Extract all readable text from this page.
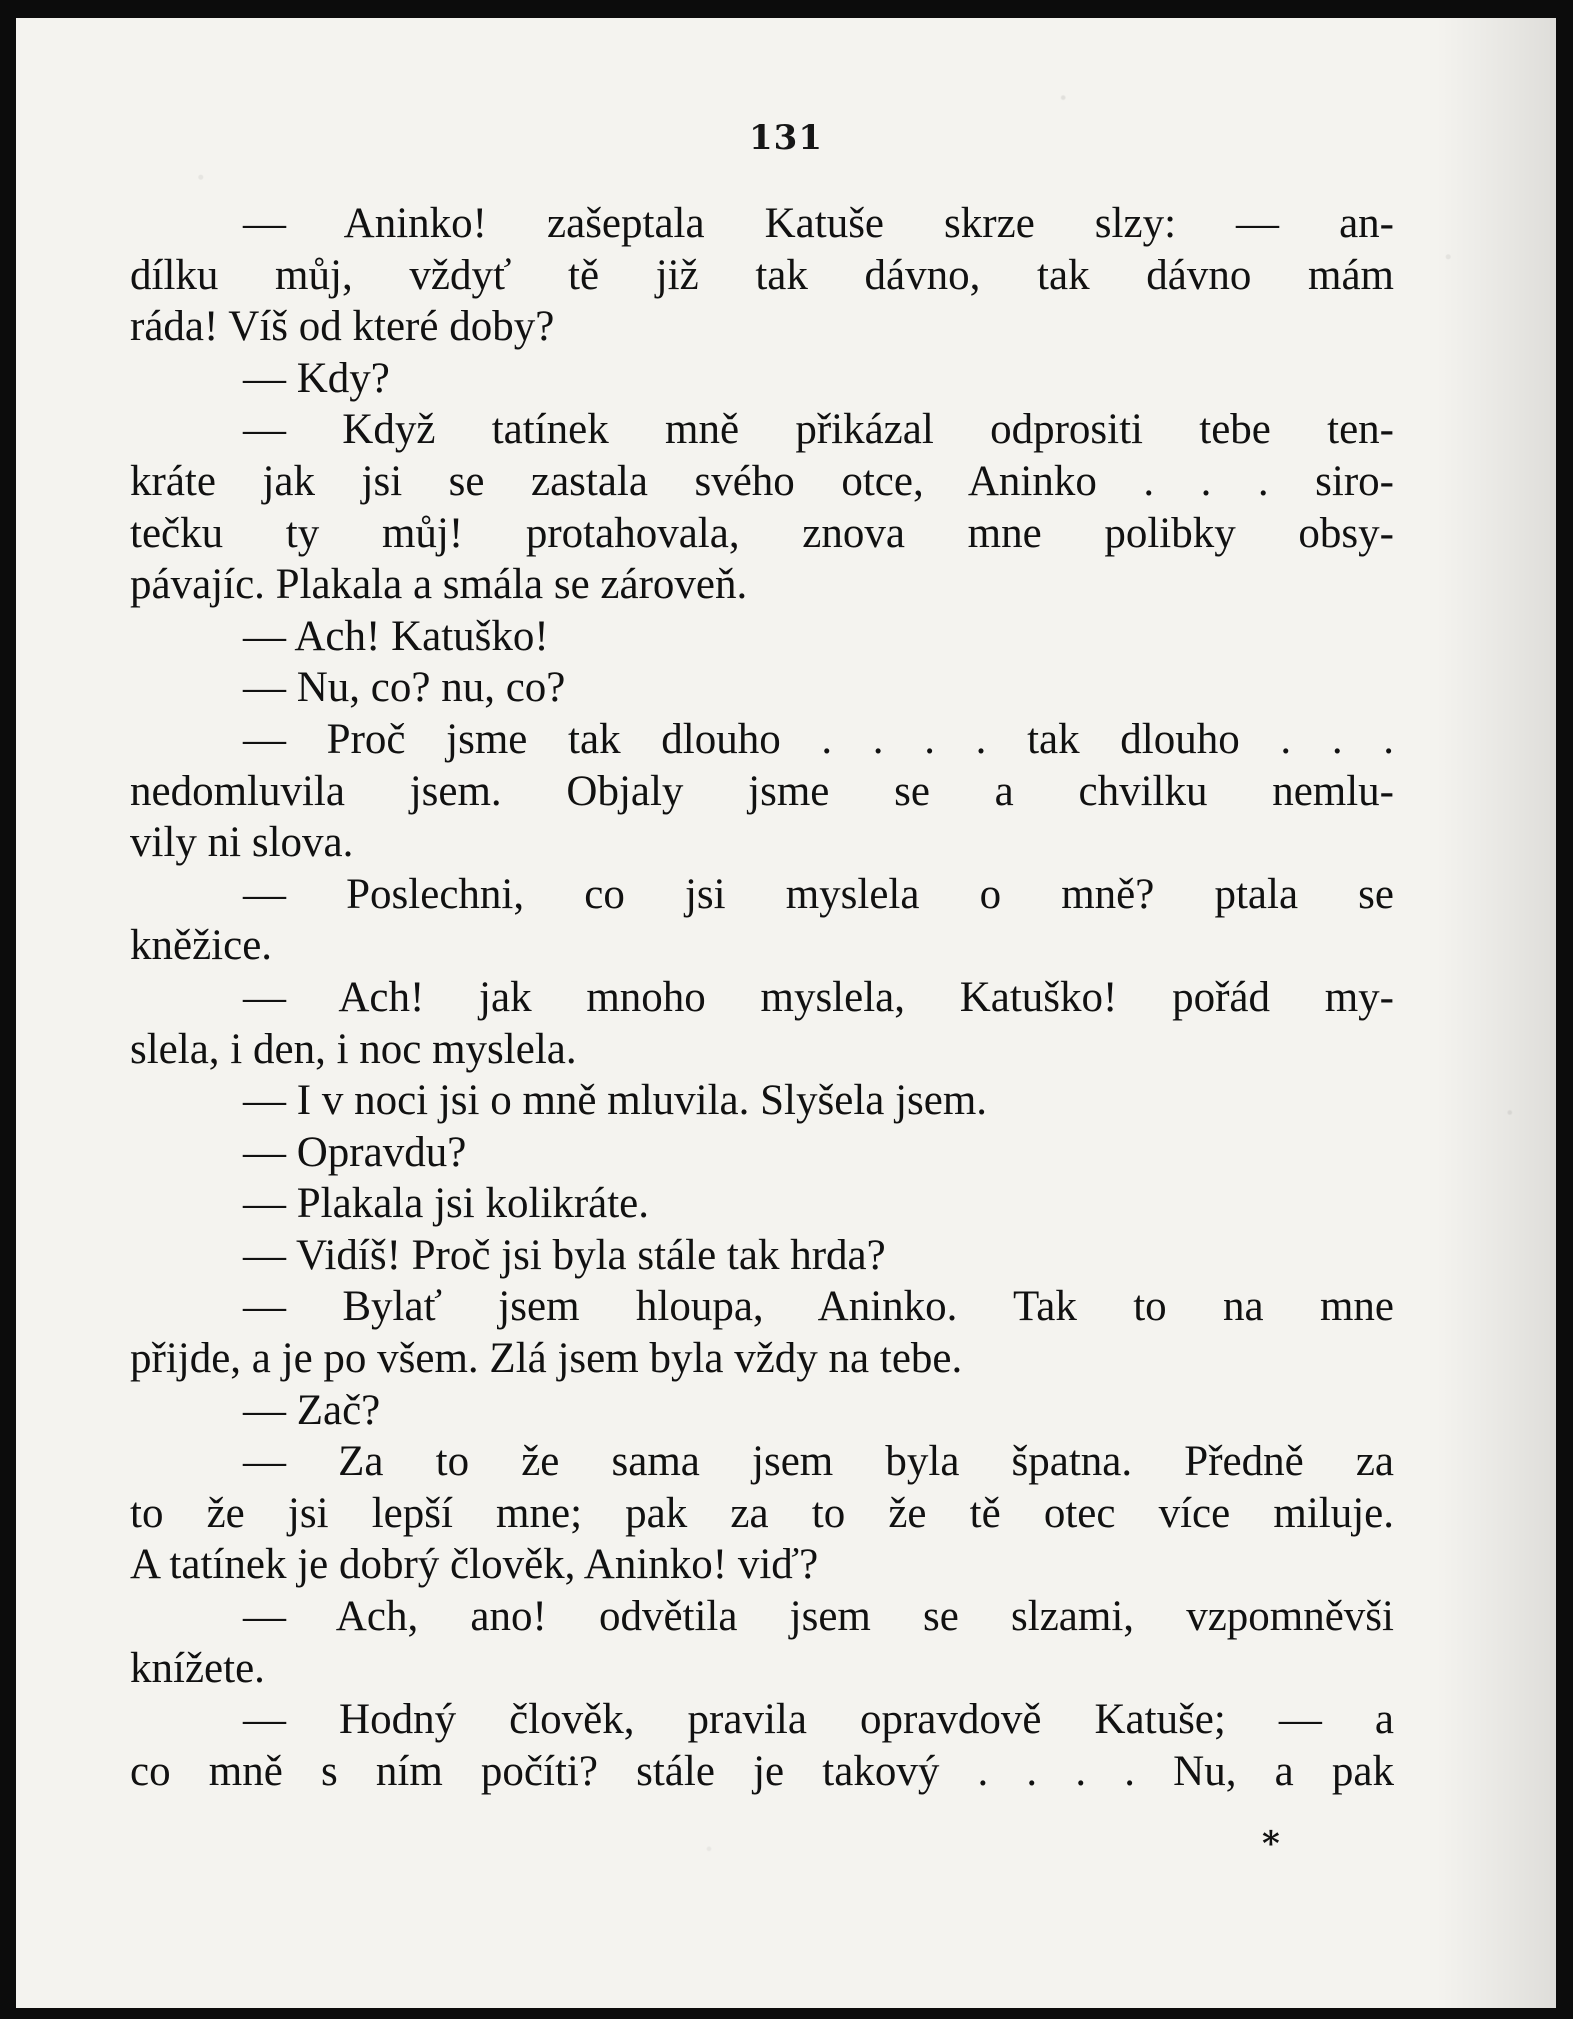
131
— Aninko! zašeptala Katuše skrze slzy: — an-
dílku můj, vždyť tě již tak dávno, tak dávno mám
ráda! Víš od které doby?
— Kdy?
— Když tatínek mně přikázal odprositi tebe ten-
kráte jak jsi se zastala svého otce, Aninko . . . siro-
tečku ty můj! protahovala, znova mne polibky obsy-
pávajíc. Plakala a smála se zároveň.
— Ach! Katuško!
— Nu, co? nu, co?
— Proč jsme tak dlouho . . . . tak dlouho . . .
nedomluvila jsem. Objaly jsme se a chvilku nemlu-
vily ni slova.
— Poslechni, co jsi myslela o mně? ptala se
kněžice.
— Ach! jak mnoho myslela, Katuško! pořád my-
slela, i den, i noc myslela.
— I v noci jsi o mně mluvila. Slyšela jsem.
— Opravdu?
— Plakala jsi kolikráte.
— Vidíš! Proč jsi byla stále tak hrda?
— Bylať jsem hloupa, Aninko. Tak to na mne
přijde, a je po všem. Zlá jsem byla vždy na tebe.
— Zač?
— Za to že sama jsem byla špatna. Předně za
to že jsi lepší mne; pak za to že tě otec více miluje.
A tatínek je dobrý člověk, Aninko! viď?
— Ach, ano! odvětila jsem se slzami, vzpomněvši
knížete.
— Hodný člověk, pravila opravdově Katuše; — a
co mně s ním počíti? stále je takový . . . . Nu, a pak
*
